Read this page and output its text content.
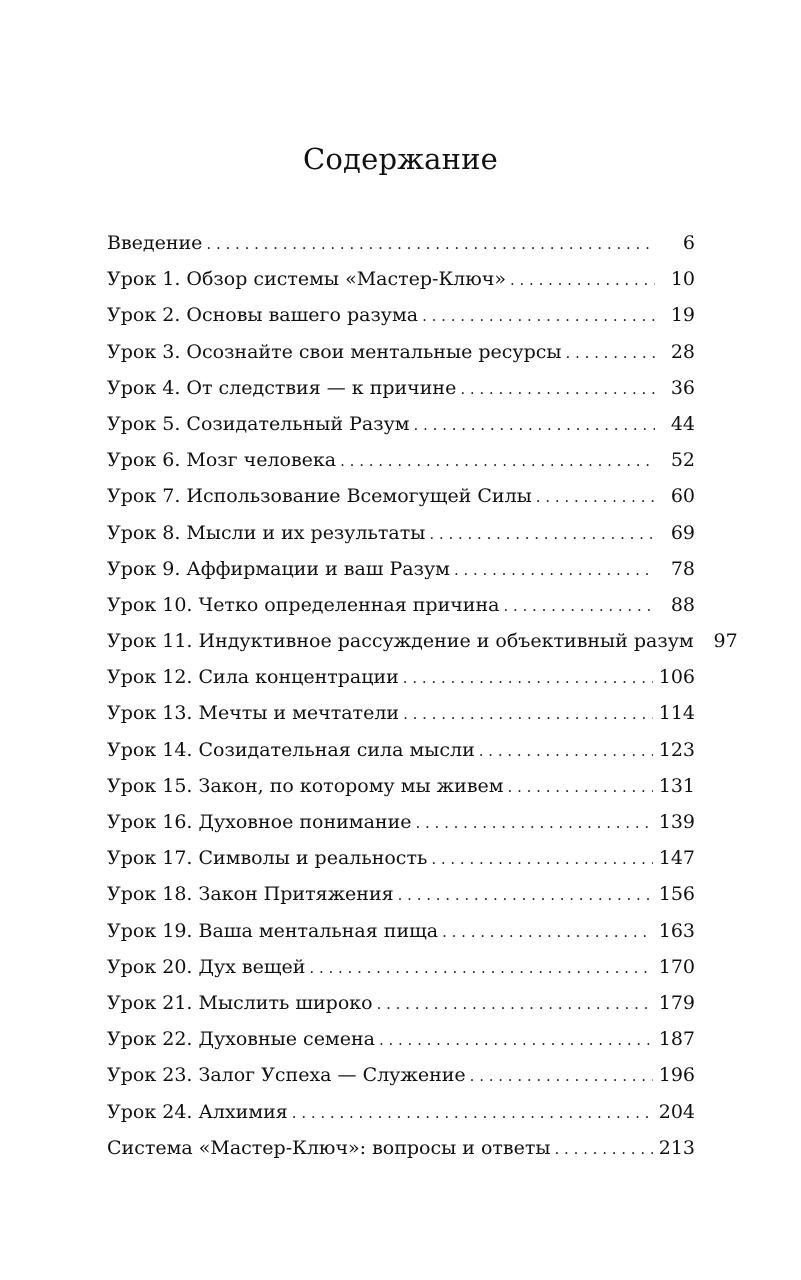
Содержание
Введение . . .	6
Урок 1. Обзор системы «Мастер-Ключ» . . .	10
Урок 2. Основы вашего разума . . .	19
Урок 3. Осознайте свои ментальные ресурсы . . .	28
Урок 4. От следствия — к причине . . .	36
Урок 5. Созидательный Разум . . .	44
Урок 6. Мозг человека . . .	52
Урок 7. Использование Всемогущей Силы . . .	60
Урок 8. Мысли и их результаты . . .	69
Урок 9. Аффирмации и ваш Разум . . .	78
Урок 10. Четко определенная причина . . .	88
Урок 11. Индуктивное рассуждение и объективный разум	97
Урок 12. Сила концентрации . . .	106
Урок 13. Мечты и мечтатели . . .	114
Урок 14. Созидательная сила мысли . . .	123
Урок 15. Закон, по которому мы живем . . .	131
Урок 16. Духовное понимание . . .	139
Урок 17. Символы и реальность . . .	147
Урок 18. Закон Притяжения . . .	156
Урок 19. Ваша ментальная пища . . .	163
Урок 20. Дух вещей . . .	170
Урок 21. Мыслить широко . . .	179
Урок 22. Духовные семена . . .	187
Урок 23. Залог Успеха — Служение . . .	196
Урок 24. Алхимия . . .	204
Система «Мастер-Ключ»: вопросы и ответы . . .	213
